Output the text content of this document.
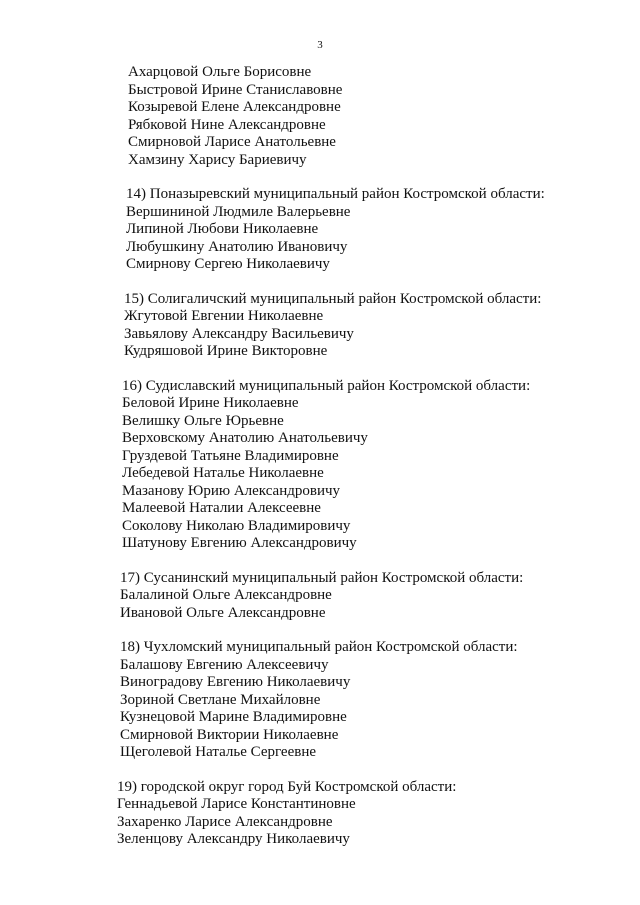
3

Ахарцовой Ольге Борисовне

Быстровой Ирине Станиславовне

Козыревой Елене Александровне

Рябковой Нине Александровне

Смирновой Ларисе Анатольевне

Хамзину Харису Бариевичу

14) Поназыревский муниципальный район Костромской области:

Вершининой Людмиле Валерьевне

Липиной Любови Николаевне

Любушкину Анатолию Ивановичу

Смирнову Сергею Николаевичу

15) Солигаличский муниципальный район Костромской области:

Жгутовой Евгении Николаевне

Завьялову Александру Васильевичу

Кудряшовой Ирине Викторовне

16) Судиславский муниципальный район Костромской области:

Беловой Ирине Николаевне

Велишку Ольге Юрьевне

Верховскому Анатолию Анатольевичу

Груздевой Татьяне Владимировне

Лебедевой Наталье Николаевне

Мазанову Юрию Александровичу

Малеевой Наталии Алексеевне

Соколову Николаю Владимировичу

Шатунову Евгению Александровичу

17) Сусанинский муниципальный район Костромской области:

Балалиной Ольге Александровне

Ивановой Ольге Александровне

18) Чухломский муниципальный район Костромской области:

Балашову Евгению Алексеевичу

Виноградову Евгению Николаевичу

Зориной Светлане Михайловне

Кузнецовой Марине Владимировне

Смирновой Виктории Николаевне

Щеголевой Наталье Сергеевне

19) городской округ город Буй Костромской области:

Геннадьевой Ларисе Константиновне

Захаренко Ларисе Александровне

Зеленцову Александру Николаевичу
